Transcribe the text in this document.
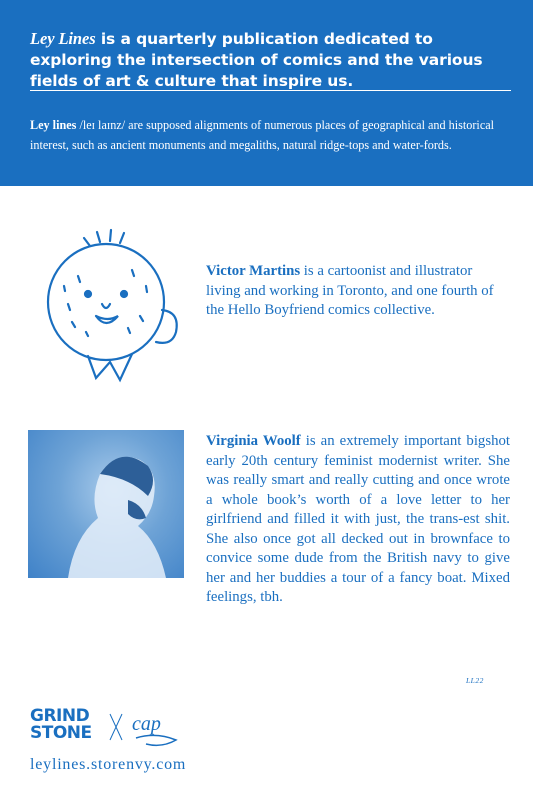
Ley Lines is a quarterly publication dedicated to exploring the intersection of comics and the various fields of art & culture that inspire us.

Ley lines /leɪ laɪnz/ are supposed alignments of numerous places of geographical and historical interest, such as ancient monuments and megaliths, natural ridge-tops and water-fords.

Victor Martins is a cartoonist and illustrator living and working in Toronto, and one fourth of the Hello Boyfriend comics collective.

Virginia Woolf is an extremely important bigshot early 20th century feminist modernist writer. She was really smart and really cutting and once wrote a whole book’s worth of a love letter to her girlfriend and filled it with just, the trans-est shit. She also once got all decked out in brownface to convice some dude from the British navy to give her and her buddies a tour of a fancy boat. Mixed feelings, tbh.

LL22
GRIND
STONE cap
leylines.storenvy.com
